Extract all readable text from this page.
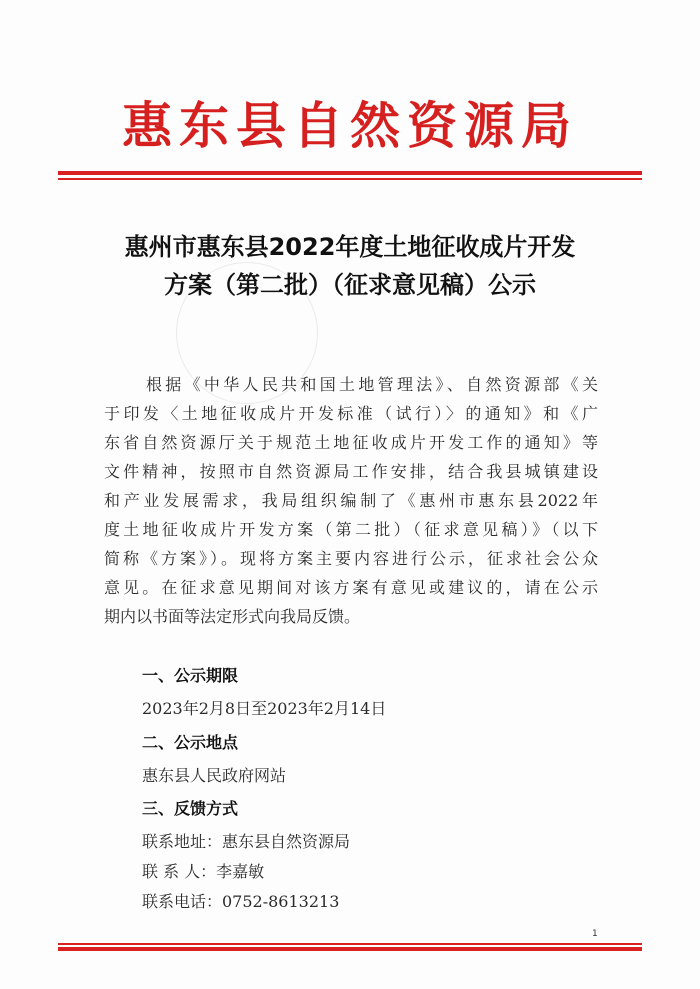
惠东县自然资源局
惠州市惠东县2022年度土地征收成片开发
方案（第二批）（征求意见稿）公示
根据《中华人民共和国土地管理法》、自然资源部《关
于印发〈土地征收成片开发标准（试行）〉的通知》和《广
东省自然资源厅关于规范土地征收成片开发工作的通知》等
文件精神，按照市自然资源局工作安排，结合我县城镇建设
和产业发展需求，我局组织编制了《惠州市惠东县2022年
度土地征收成片开发方案（第二批）（征求意见稿）》（以下
简称《方案》）。现将方案主要内容进行公示，征求社会公众
意见。在征求意见期间对该方案有意见或建议的，请在公示
期内以书面等法定形式向我局反馈。
一、公示期限
2023年2月8日至2023年2月14日
二、公示地点
惠东县人民政府网站
三、反馈方式
联系地址：惠东县自然资源局
联 系 人：李嘉敏
联系电话：0752-8613213
1
